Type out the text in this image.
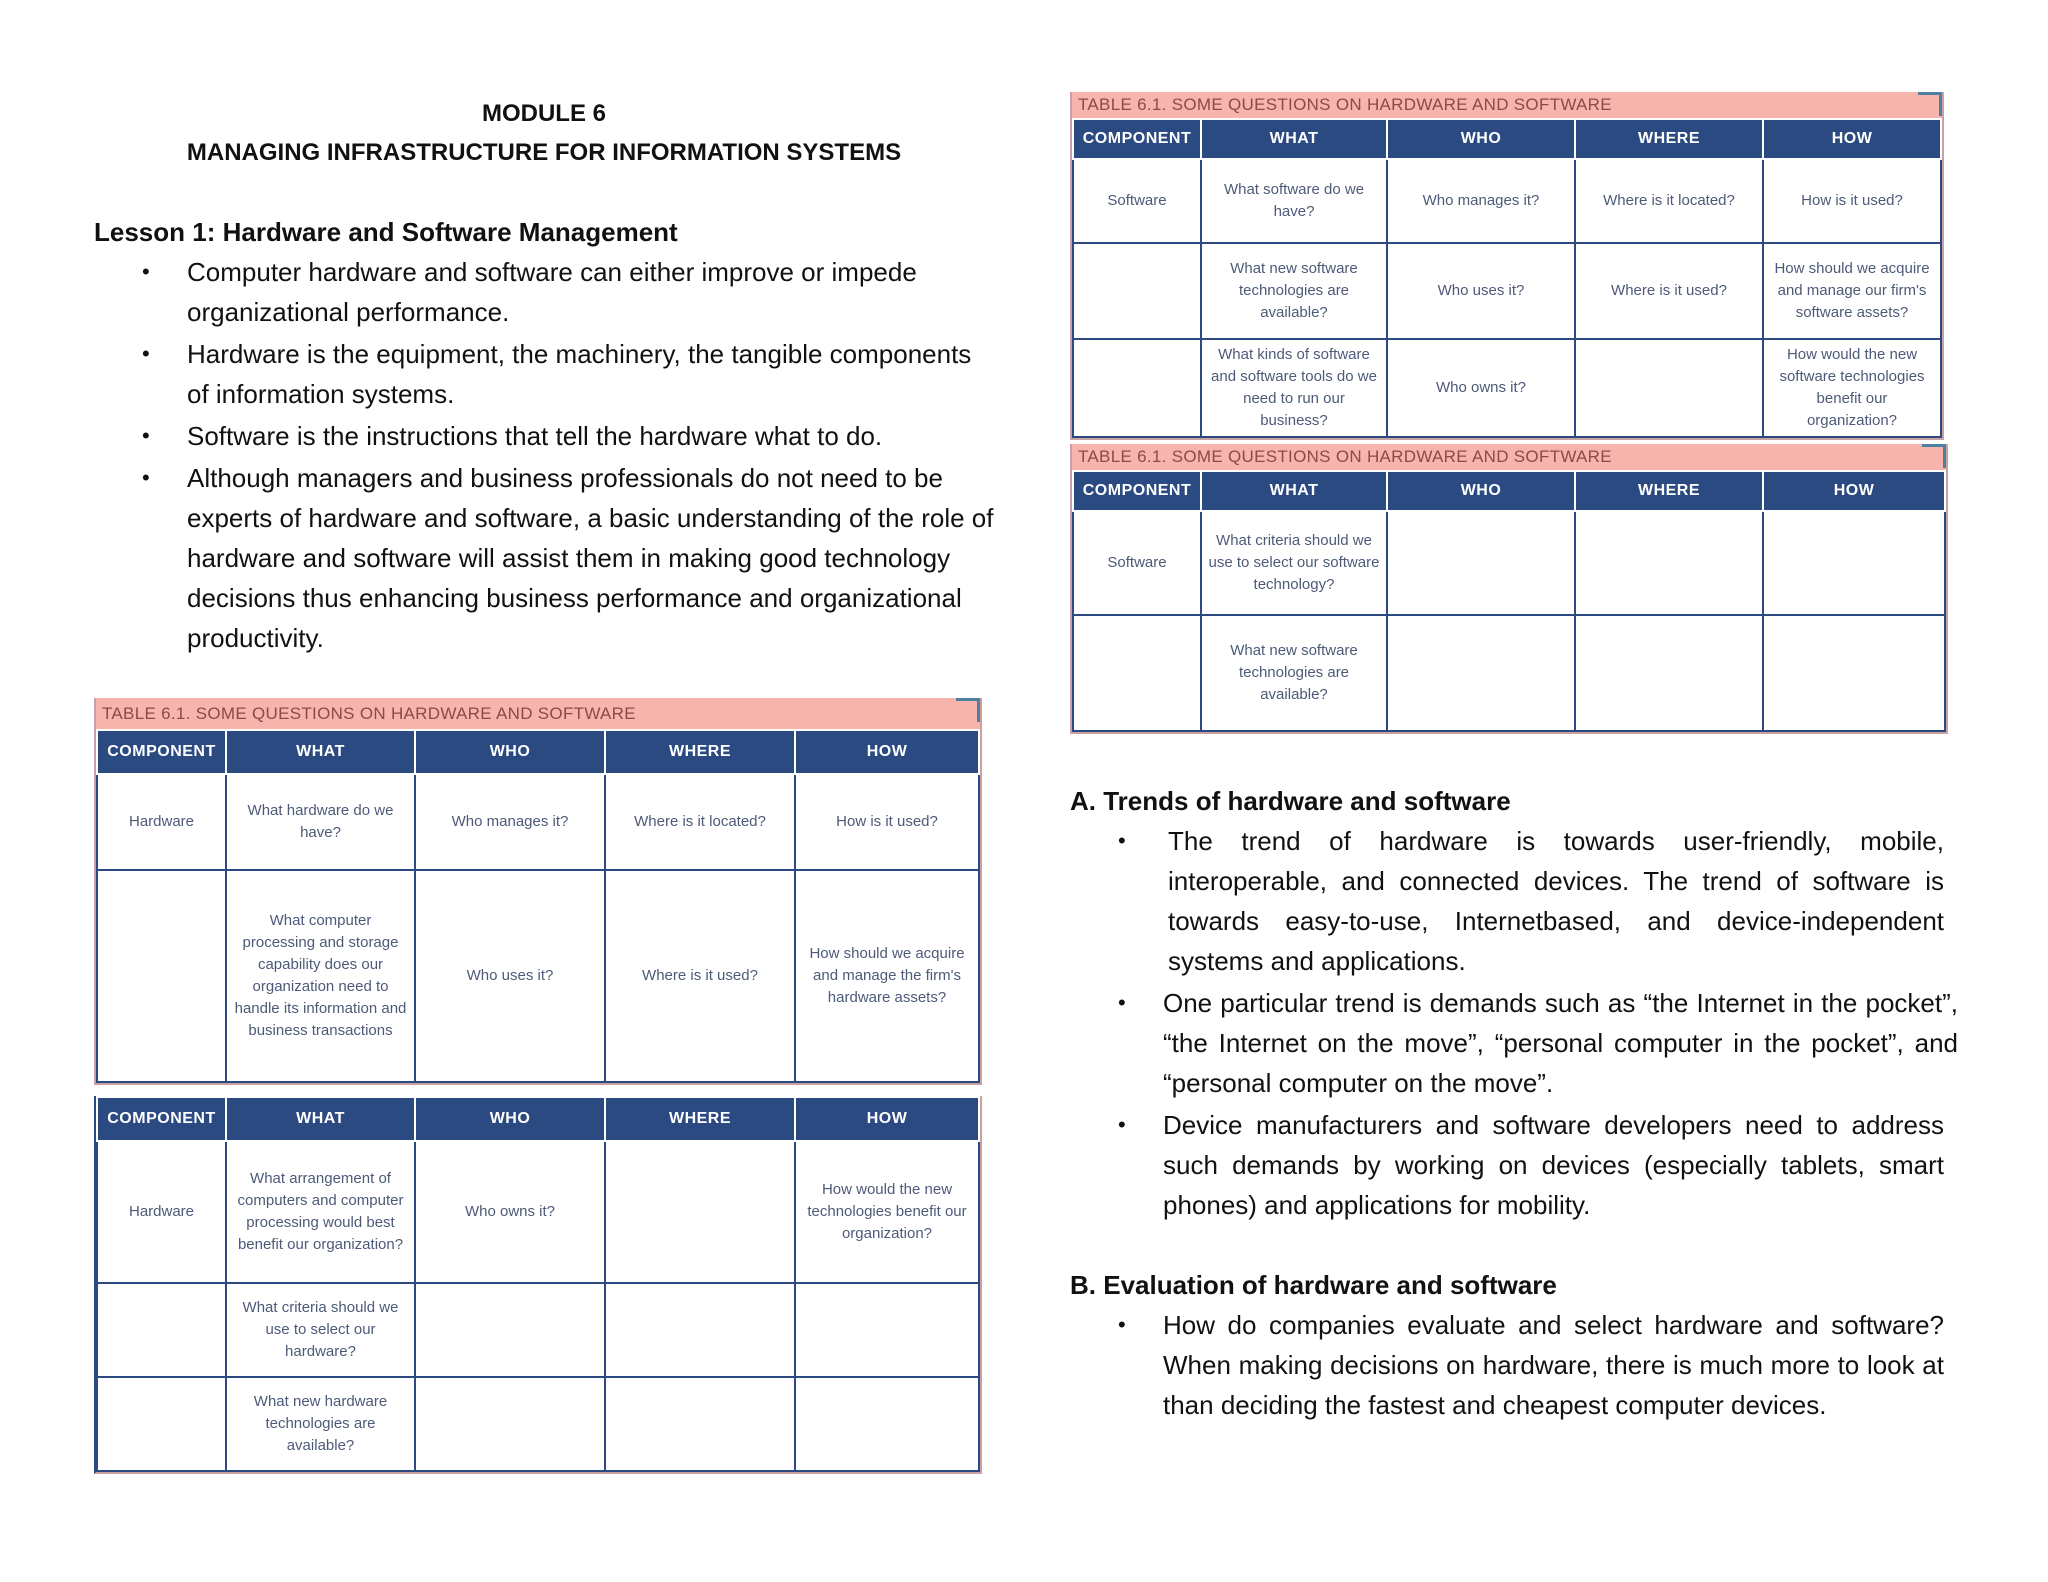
MODULE 6
MANAGING INFRASTRUCTURE FOR INFORMATION SYSTEMS
Lesson 1: Hardware and Software Management
• Computer hardware and software can either improve or impede organizational performance.
• Hardware is the equipment, the machinery, the tangible components of information systems.
• Software is the instructions that tell the hardware what to do.
• Although managers and business professionals do not need to be experts of hardware and software, a basic understanding of the role of hardware and software will assist them in making good technology decisions thus enhancing business performance and organizational productivity.
TABLE 6.1. SOME QUESTIONS ON HARDWARE AND SOFTWARE
COMPONENT	WHAT	WHO	WHERE	HOW
Hardware	What hardware do we have?	Who manages it?	Where is it located?	How is it used?
	What computer processing and storage capability does our organization need to handle its information and business transactions	Who uses it?	Where is it used?	How should we acquire and manage the firm's hardware assets?
COMPONENT	WHAT	WHO	WHERE	HOW
Hardware	What arrangement of computers and computer processing would best benefit our organization?	Who owns it?		How would the new technologies benefit our organization?
	What criteria should we use to select our hardware?			
	What new hardware technologies are available?			
TABLE 6.1. SOME QUESTIONS ON HARDWARE AND SOFTWARE
COMPONENT	WHAT	WHO	WHERE	HOW
Software	What software do we have?	Who manages it?	Where is it located?	How is it used?
	What new software technologies are available?	Who uses it?	Where is it used?	How should we acquire and manage our firm's software assets?
	What kinds of software and software tools do we need to run our business?	Who owns it?		How would the new software technologies benefit our organization?
TABLE 6.1. SOME QUESTIONS ON HARDWARE AND SOFTWARE
COMPONENT	WHAT	WHO	WHERE	HOW
Software	What criteria should we use to select our software technology?			
	What new software technologies are available?			
A. Trends of hardware and software
• The trend of hardware is towards user-friendly, mobile, interoperable, and connected devices. The trend of software is towards easy-to-use, Internetbased, and device-independent systems and applications.
• One particular trend is demands such as “the Internet in the pocket”, “the Internet on the move”, “personal computer in the pocket”, and “personal computer on the move”.
• Device manufacturers and software developers need to address such demands by working on devices (especially tablets, smart phones) and applications for mobility.
B. Evaluation of hardware and software
• How do companies evaluate and select hardware and software? When making decisions on hardware, there is much more to look at than deciding the fastest and cheapest computer devices.
